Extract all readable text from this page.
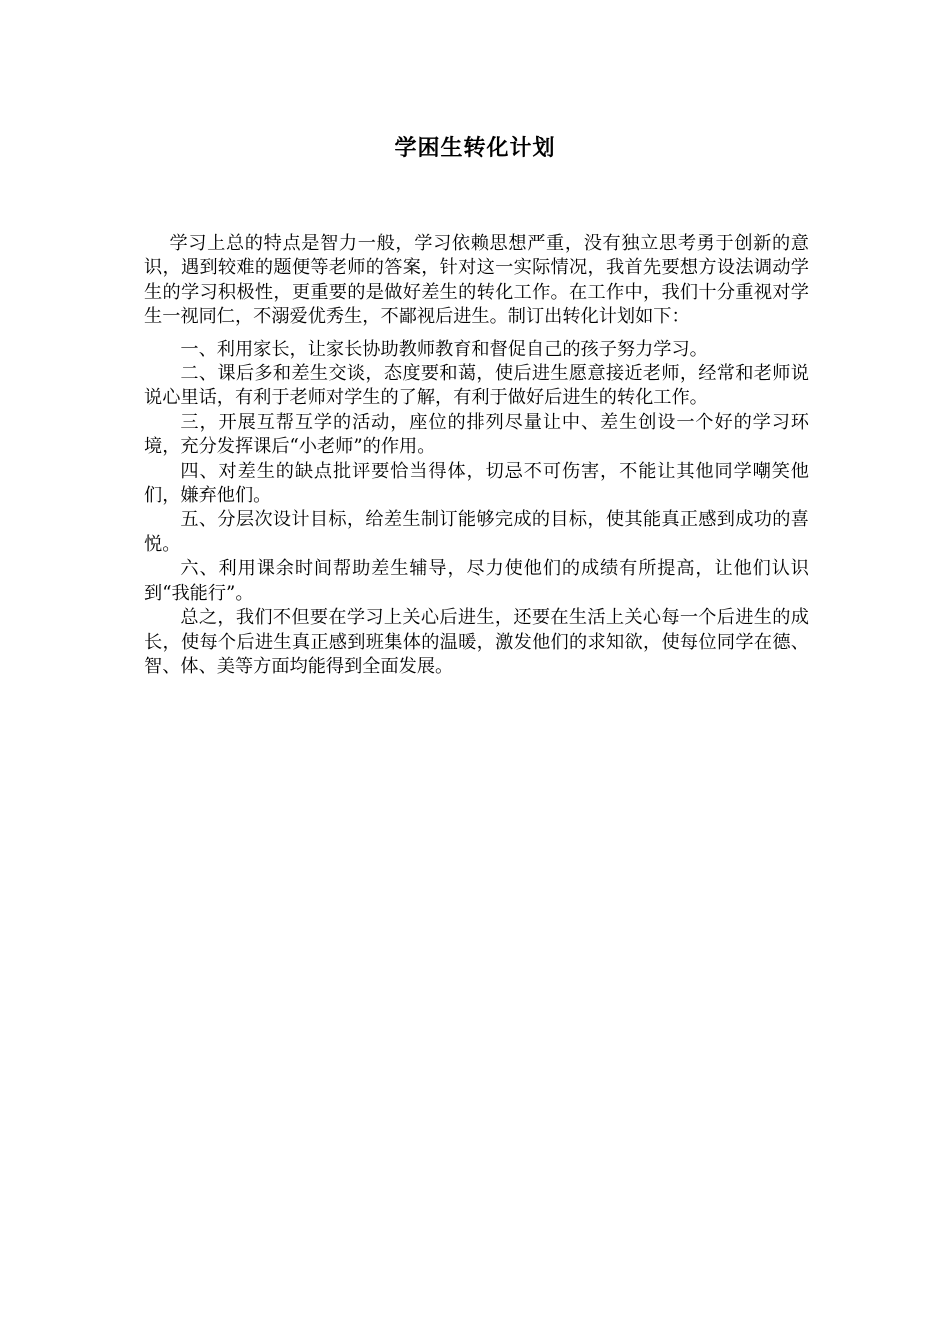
学困生转化计划

学习上总的特点是智力一般，学习依赖思想严重，没有独立思考勇于创新的意识，遇到较难的题便等老师的答案，针对这一实际情况，我首先要想方设法调动学生的学习积极性，更重要的是做好差生的转化工作。在工作中，我们十分重视对学生一视同仁，不溺爱优秀生，不鄙视后进生。制订出转化计划如下：

一、利用家长，让家长协助教师教育和督促自己的孩子努力学习。

二、课后多和差生交谈，态度要和蔼，使后进生愿意接近老师，经常和老师说说心里话，有利于老师对学生的了解，有利于做好后进生的转化工作。

三，开展互帮互学的活动，座位的排列尽量让中、差生创设一个好的学习环境，充分发挥课后“小老师”的作用。

四、对差生的缺点批评要恰当得体，切忌不可伤害，不能让其他同学嘲笑他们，嫌弃他们。

五、分层次设计目标，给差生制订能够完成的目标，使其能真正感到成功的喜悦。

六、利用课余时间帮助差生辅导，尽力使他们的成绩有所提高，让他们认识到“我能行”。

总之，我们不但要在学习上关心后进生，还要在生活上关心每一个后进生的成长，使每个后进生真正感到班集体的温暖，激发他们的求知欲，使每位同学在德、智、体、美等方面均能得到全面发展。
